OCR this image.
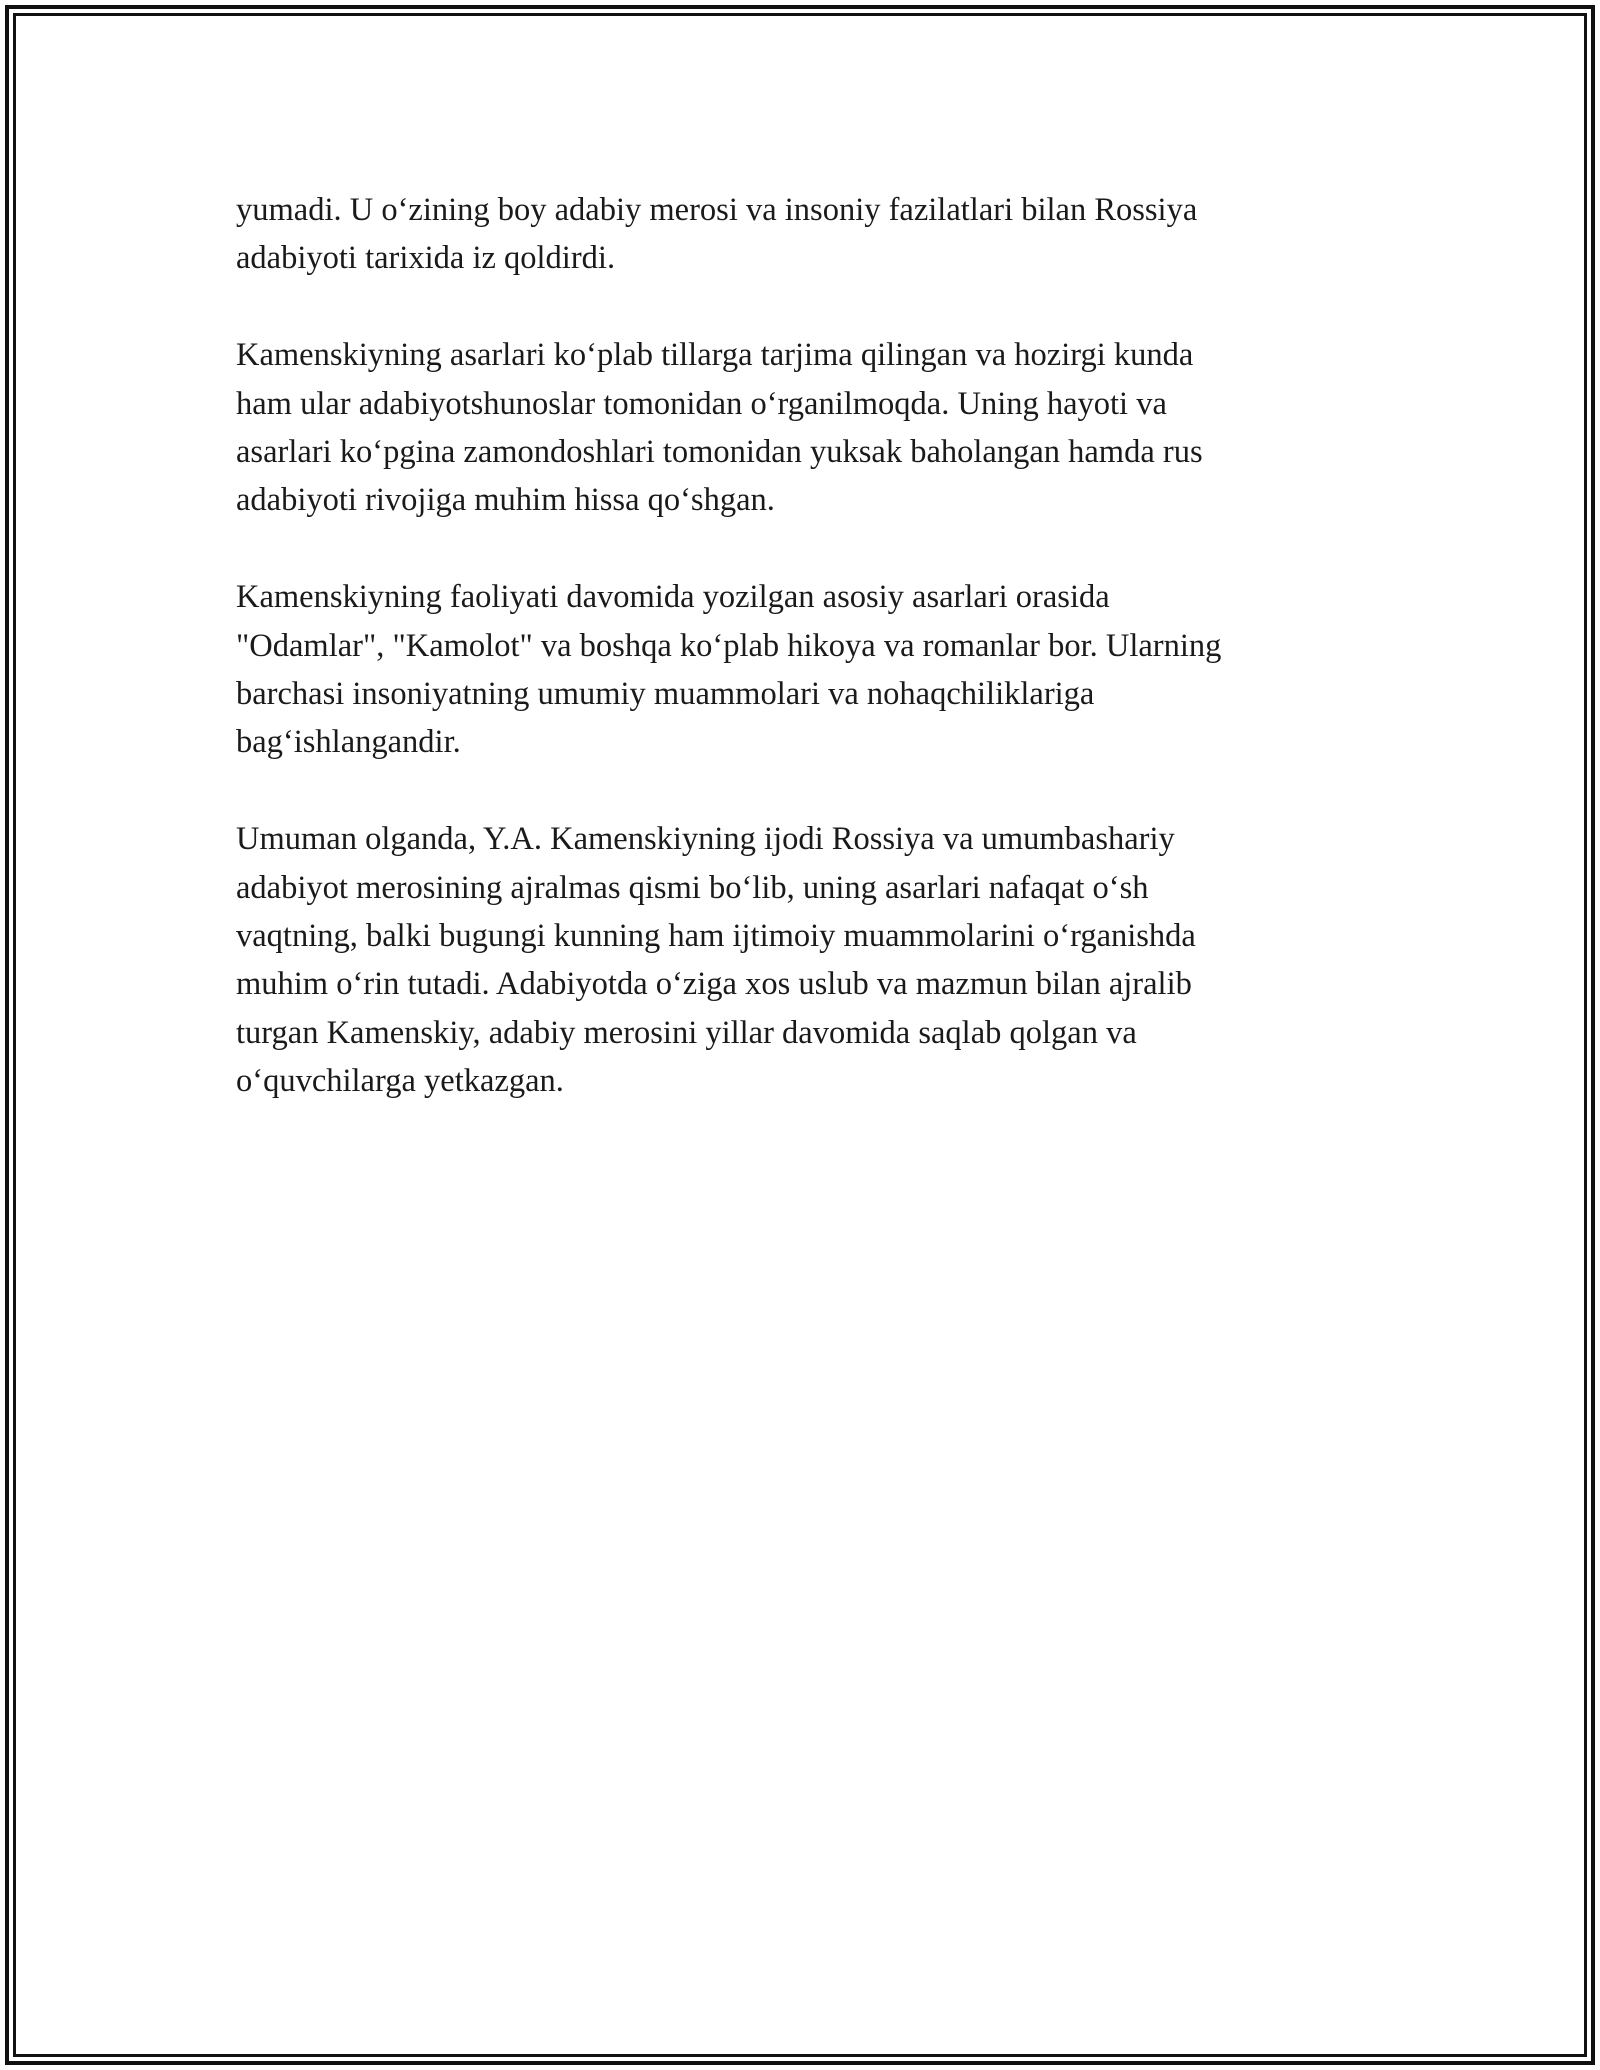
yumadi. U o‘zining boy adabiy merosi va insoniy fazilatlari bilan Rossiya
adabiyoti tarixida iz qoldirdi.

Kamenskiyning asarlari ko‘plab tillarga tarjima qilingan va hozirgi kunda
ham ular adabiyotshunoslar tomonidan o‘rganilmoqda. Uning hayoti va
asarlari ko‘pgina zamondoshlari tomonidan yuksak baholangan hamda rus
adabiyoti rivojiga muhim hissa qo‘shgan.

Kamenskiyning faoliyati davomida yozilgan asosiy asarlari orasida
"Odamlar", "Kamolot" va boshqa ko‘plab hikoya va romanlar bor. Ularning
barchasi insoniyatning umumiy muammolari va nohaqchiliklariga
bag‘ishlangandir.

Umuman olganda, Y.A. Kamenskiyning ijodi Rossiya va umumbashariy
adabiyot merosining ajralmas qismi bo‘lib, uning asarlari nafaqat o‘sh
vaqtning, balki bugungi kunning ham ijtimoiy muammolarini o‘rganishda
muhim o‘rin tutadi. Adabiyotda o‘ziga xos uslub va mazmun bilan ajralib
turgan Kamenskiy, adabiy merosini yillar davomida saqlab qolgan va
o‘quvchilarga yetkazgan.
